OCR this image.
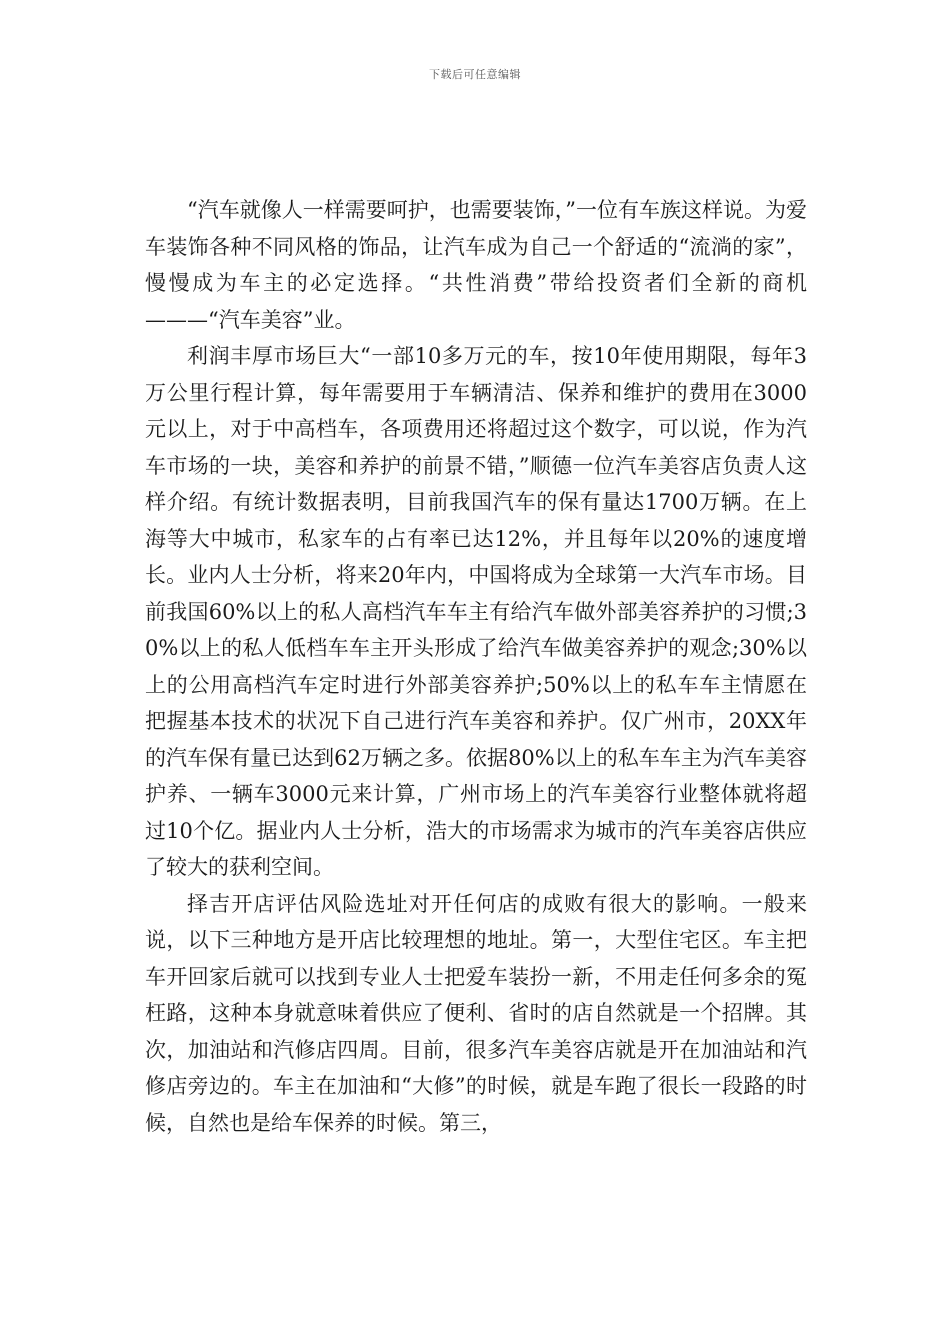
下载后可任意编辑

“汽车就像人一样需要呵护，也需要装饰，”一位有车族这样说。为爱车装饰各种不同风格的饰品，让汽车成为自己一个舒适的“流淌的家”，慢慢成为车主的必定选择。“共性消费”带给投资者们全新的商机———“汽车美容”业。

利润丰厚市场巨大“一部10多万元的车，按10年使用期限，每年3万公里行程计算，每年需要用于车辆清洁、保养和维护的费用在3000元以上，对于中高档车，各项费用还将超过这个数字，可以说，作为汽车市场的一块，美容和养护的前景不错，”顺德一位汽车美容店负责人这样介绍。有统计数据表明，目前我国汽车的保有量达1700万辆。在上海等大中城市，私家车的占有率已达12%，并且每年以20%的速度增长。业内人士分析，将来20年内，中国将成为全球第一大汽车市场。目前我国60%以上的私人高档汽车车主有给汽车做外部美容养护的习惯;30%以上的私人低档车车主开头形成了给汽车做美容养护的观念;30%以上的公用高档汽车定时进行外部美容养护;50%以上的私车车主情愿在把握基本技术的状况下自己进行汽车美容和养护。仅广州市，20XX年的汽车保有量已达到62万辆之多。依据80%以上的私车车主为汽车美容护养、一辆车3000元来计算，广州市场上的汽车美容行业整体就将超过10个亿。据业内人士分析，浩大的市场需求为城市的汽车美容店供应了较大的获利空间。

择吉开店评估风险选址对开任何店的成败有很大的影响。一般来说，以下三种地方是开店比较理想的地址。第一，大型住宅区。车主把车开回家后就可以找到专业人士把爱车装扮一新，不用走任何多余的冤枉路，这种本身就意味着供应了便利、省时的店自然就是一个招牌。其次，加油站和汽修店四周。目前，很多汽车美容店就是开在加油站和汽修店旁边的。车主在加油和“大修”的时候，就是车跑了很长一段路的时候，自然也是给车保养的时候。第三，
